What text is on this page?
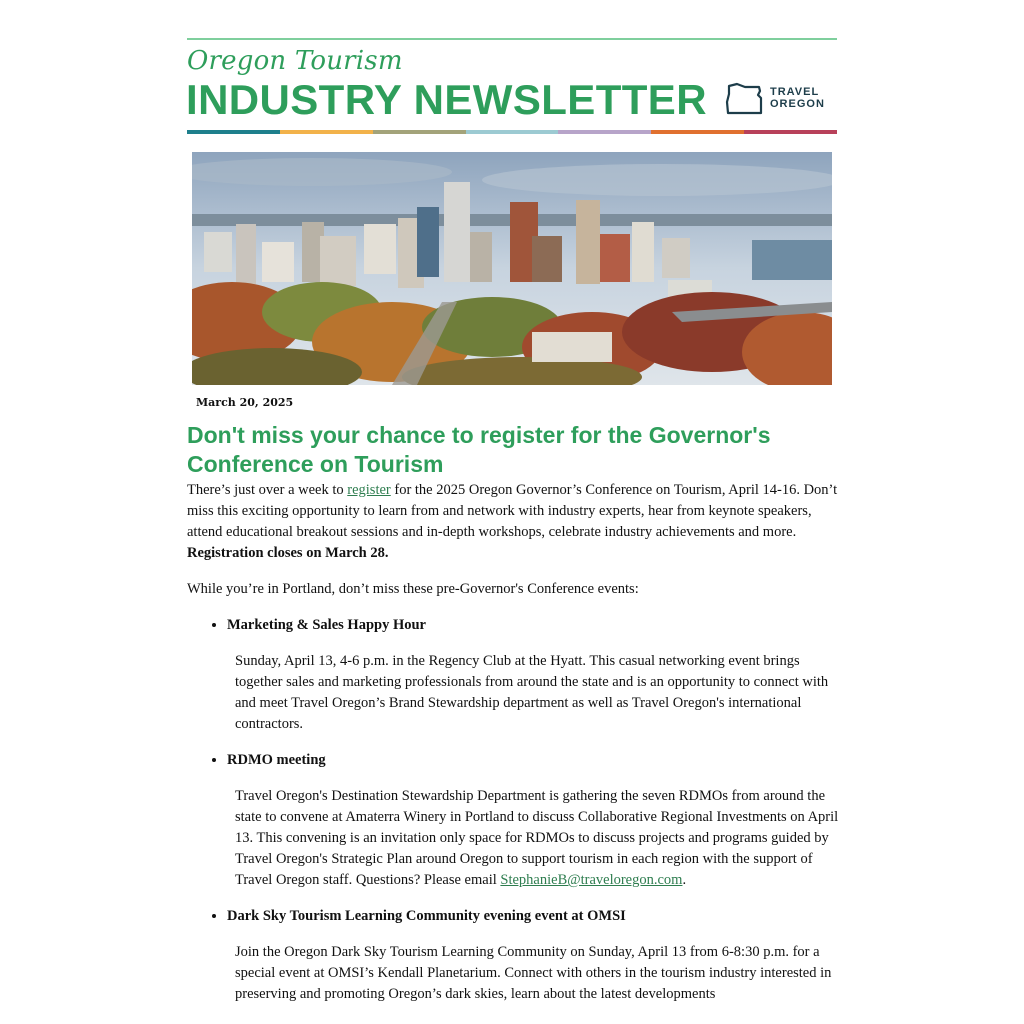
Oregon Tourism
INDUSTRY NEWSLETTER	TRAVEL
OREGON
March 20, 2025
Don't miss your chance to register for the Governor's Conference on Tourism

There’s just over a week to register for the 2025 Oregon Governor’s Conference on Tourism, April 14-16. Don’t miss this exciting opportunity to learn from and network with industry experts, hear from keynote speakers, attend educational breakout sessions and in-depth workshops, celebrate industry achievements and more. Registration closes on March 28.

While you’re in Portland, don’t miss these pre-Governor's Conference events:

• Marketing & Sales Happy Hour
Sunday, April 13, 4-6 p.m. in the Regency Club at the Hyatt. This casual networking event brings together sales and marketing professionals from around the state and is an opportunity to connect with and meet Travel Oregon’s Brand Stewardship department as well as Travel Oregon's international contractors.
• RDMO meeting
Travel Oregon's Destination Stewardship Department is gathering the seven RDMOs from around the state to convene at Amaterra Winery in Portland to discuss Collaborative Regional Investments on April 13. This convening is an invitation only space for RDMOs to discuss projects and programs guided by Travel Oregon's Strategic Plan around Oregon to support tourism in each region with the support of Travel Oregon staff. Questions? Please email StephanieB@traveloregon.com.
• Dark Sky Tourism Learning Community evening event at OMSI
Join the Oregon Dark Sky Tourism Learning Community on Sunday, April 13 from 6-8:30 p.m. for a special event at OMSI’s Kendall Planetarium. Connect with others in the tourism industry interested in preserving and promoting Oregon’s dark skies, learn about the latest developments
